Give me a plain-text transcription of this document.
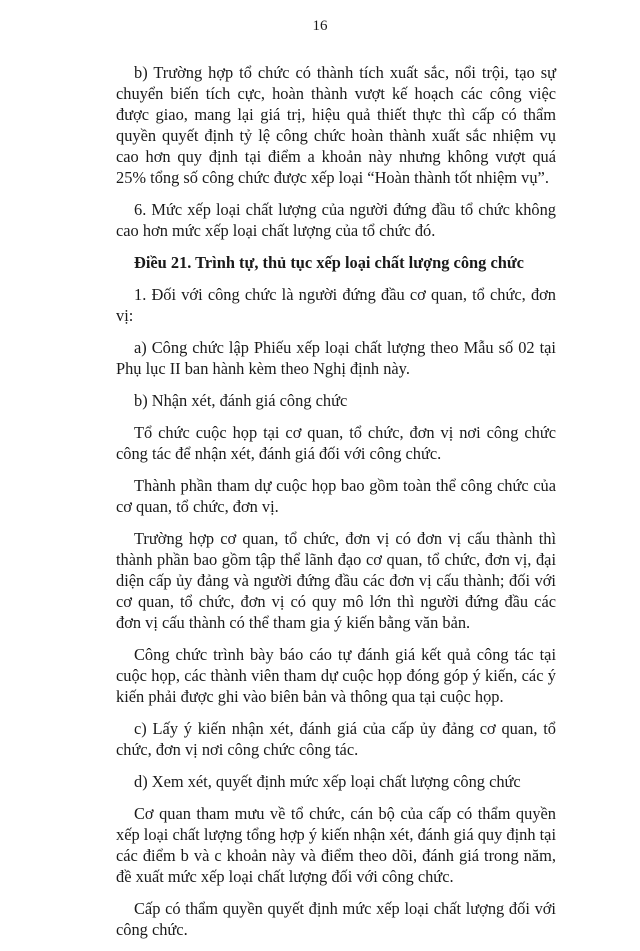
16

b) Trường hợp tổ chức có thành tích xuất sắc, nổi trội, tạo sự chuyển biến tích cực, hoàn thành vượt kế hoạch các công việc được giao, mang lại giá trị, hiệu quả thiết thực thì cấp có thẩm quyền quyết định tỷ lệ công chức hoàn thành xuất sắc nhiệm vụ cao hơn quy định tại điểm a khoản này nhưng không vượt quá 25% tổng số công chức được xếp loại “Hoàn thành tốt nhiệm vụ”.

6. Mức xếp loại chất lượng của người đứng đầu tổ chức không cao hơn mức xếp loại chất lượng của tổ chức đó.

Điều 21. Trình tự, thủ tục xếp loại chất lượng công chức

1. Đối với công chức là người đứng đầu cơ quan, tổ chức, đơn vị:

a) Công chức lập Phiếu xếp loại chất lượng theo Mẫu số 02 tại Phụ lục II ban hành kèm theo Nghị định này.

b) Nhận xét, đánh giá công chức

Tổ chức cuộc họp tại cơ quan, tổ chức, đơn vị nơi công chức công tác để nhận xét, đánh giá đối với công chức.

Thành phần tham dự cuộc họp bao gồm toàn thể công chức của cơ quan, tổ chức, đơn vị.

Trường hợp cơ quan, tổ chức, đơn vị có đơn vị cấu thành thì thành phần bao gồm tập thể lãnh đạo cơ quan, tổ chức, đơn vị, đại diện cấp ủy đảng và người đứng đầu các đơn vị cấu thành; đối với cơ quan, tổ chức, đơn vị có quy mô lớn thì người đứng đầu các đơn vị cấu thành có thể tham gia ý kiến bằng văn bản.

Công chức trình bày báo cáo tự đánh giá kết quả công tác tại cuộc họp, các thành viên tham dự cuộc họp đóng góp ý kiến, các ý kiến phải được ghi vào biên bản và thông qua tại cuộc họp.

c) Lấy ý kiến nhận xét, đánh giá của cấp ủy đảng cơ quan, tổ chức, đơn vị nơi công chức công tác.

d) Xem xét, quyết định mức xếp loại chất lượng công chức

Cơ quan tham mưu về tổ chức, cán bộ của cấp có thẩm quyền xếp loại chất lượng tổng hợp ý kiến nhận xét, đánh giá quy định tại các điểm b và c khoản này và điểm theo dõi, đánh giá trong năm, đề xuất mức xếp loại chất lượng đối với công chức.

Cấp có thẩm quyền quyết định mức xếp loại chất lượng đối với công chức.
